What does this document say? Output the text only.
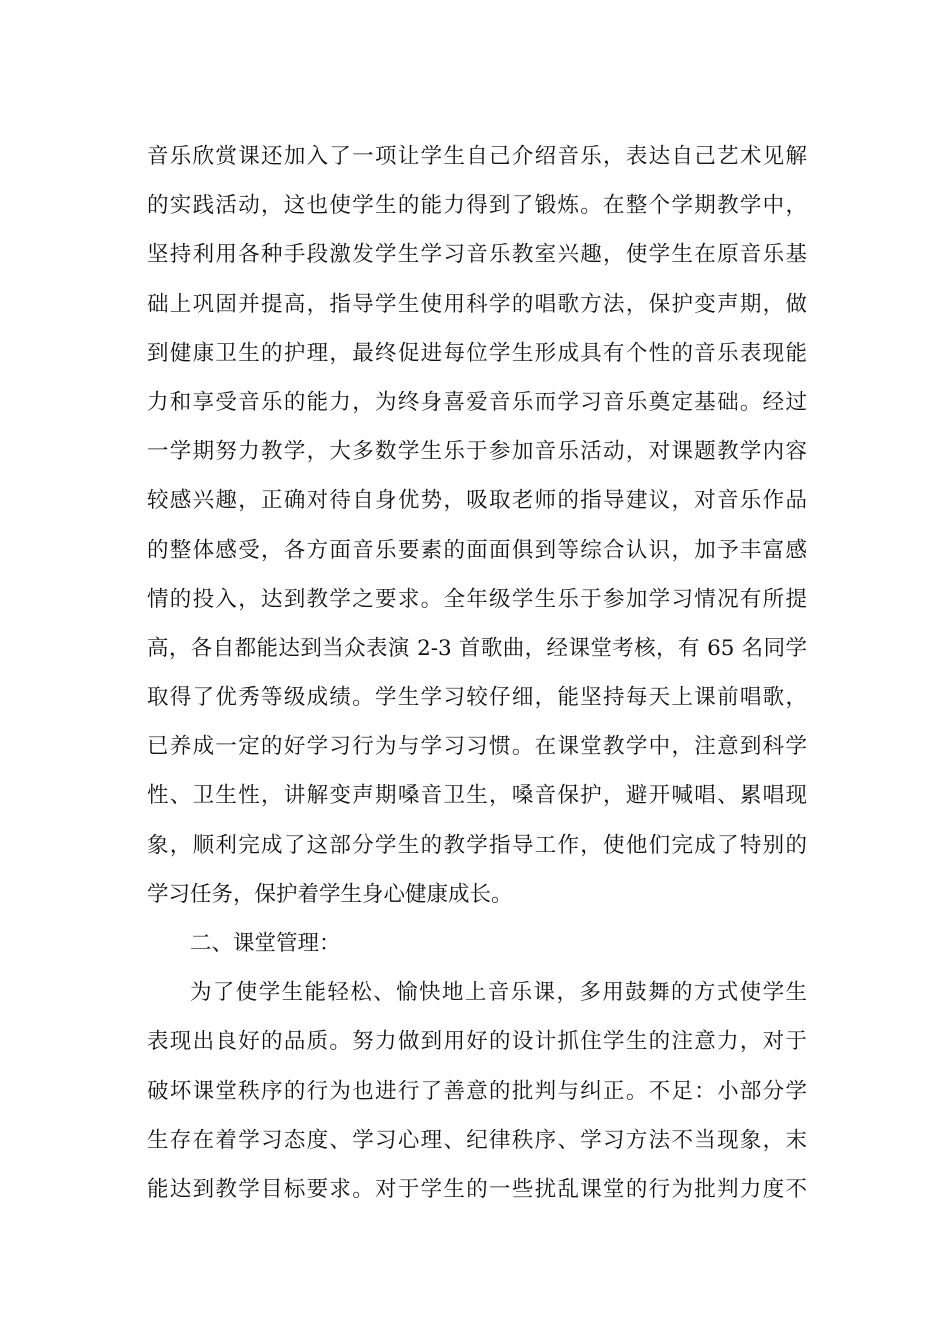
音乐欣赏课还加入了一项让学生自己介绍音乐，表达自己艺术见解
的实践活动，这也使学生的能力得到了锻炼。在整个学期教学中，
坚持利用各种手段激发学生学习音乐教室兴趣，使学生在原音乐基
础上巩固并提高，指导学生使用科学的唱歌方法，保护变声期，做
到健康卫生的护理，最终促进每位学生形成具有个性的音乐表现能
力和享受音乐的能力，为终身喜爱音乐而学习音乐奠定基础。经过
一学期努力教学，大多数学生乐于参加音乐活动，对课题教学内容
较感兴趣，正确对待自身优势，吸取老师的指导建议，对音乐作品
的整体感受，各方面音乐要素的面面俱到等综合认识，加予丰富感
情的投入，达到教学之要求。全年级学生乐于参加学习情况有所提
高，各自都能达到当众表演 2-3 首歌曲，经课堂考核，有 65 名同学
取得了优秀等级成绩。学生学习较仔细，能坚持每天上课前唱歌，
已养成一定的好学习行为与学习习惯。在课堂教学中，注意到科学
性、卫生性，讲解变声期嗓音卫生，嗓音保护，避开喊唱、累唱现
象，顺利完成了这部分学生的教学指导工作，使他们完成了特别的
学习任务，保护着学生身心健康成长。
二、课堂管理：
为了使学生能轻松、愉快地上音乐课，多用鼓舞的方式使学生
表现出良好的品质。努力做到用好的设计抓住学生的注意力，对于
破坏课堂秩序的行为也进行了善意的批判与纠正。不足：小部分学
生存在着学习态度、学习心理、纪律秩序、学习方法不当现象，末
能达到教学目标要求。对于学生的一些扰乱课堂的行为批判力度不
